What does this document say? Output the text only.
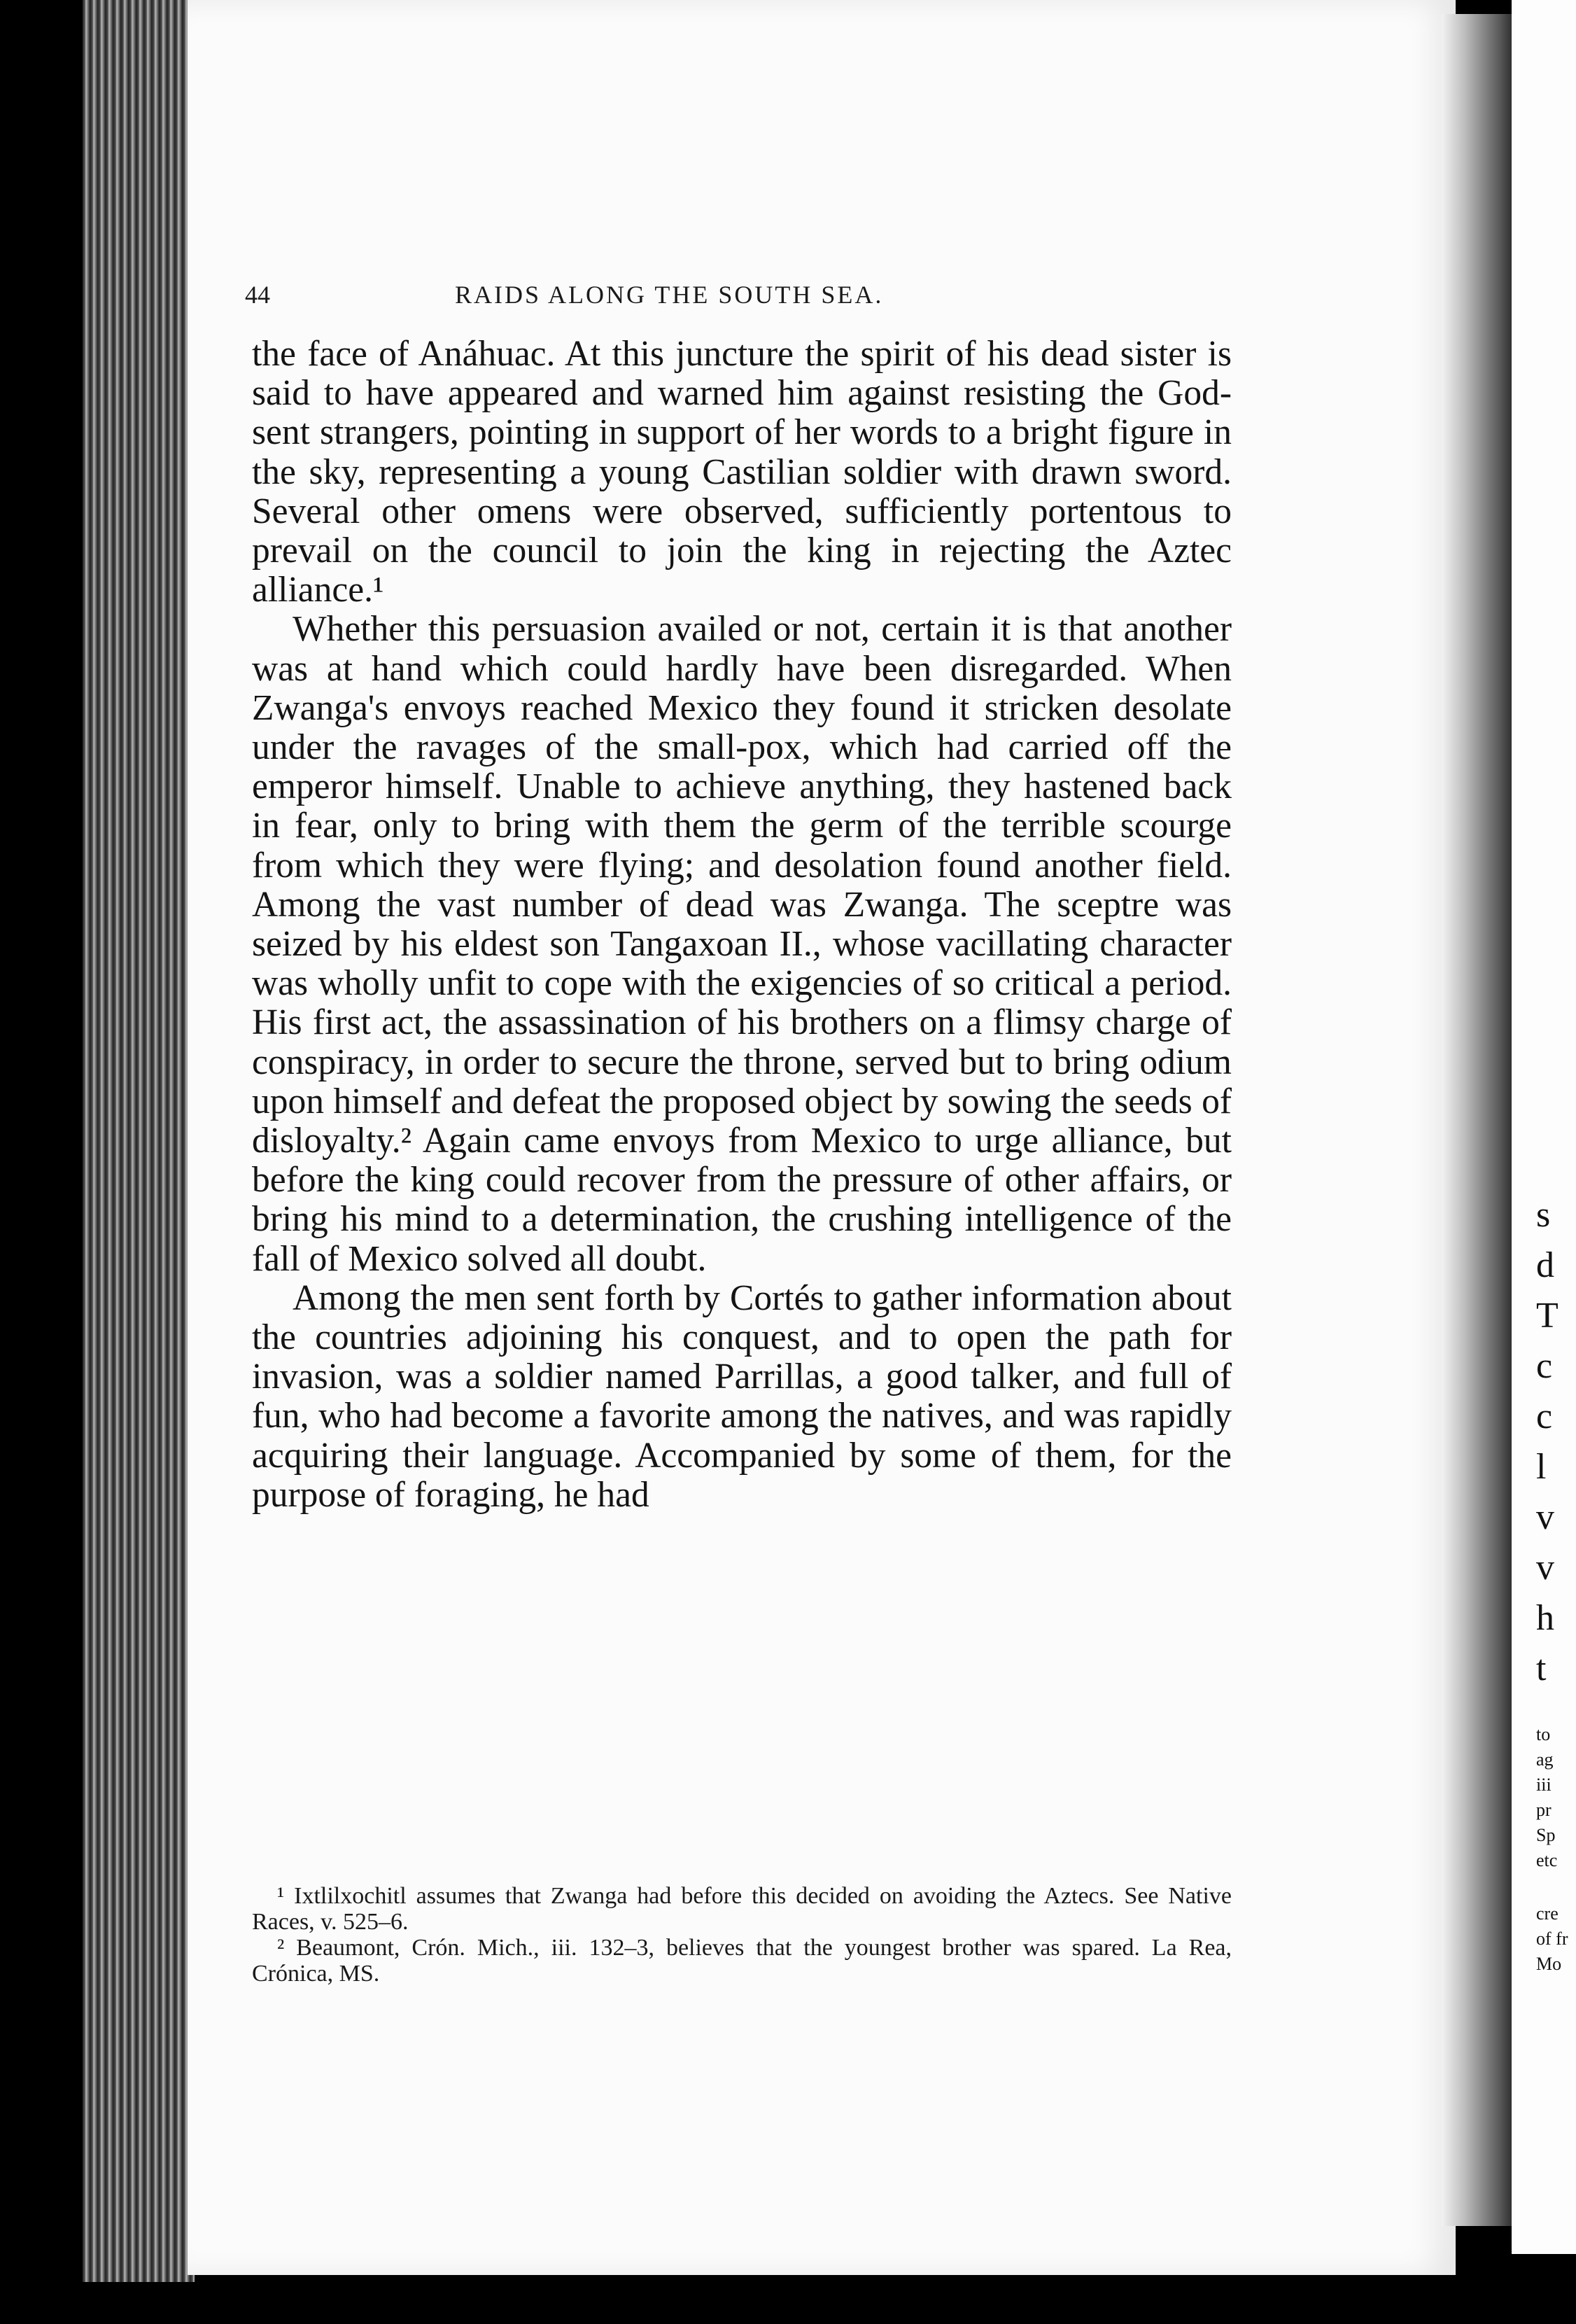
s

d

T

c

c

l

v

v

h

t

to

ag

iii

pr

Sp

etc

cre

of fr

Mo

44	RAIDS ALONG THE SOUTH SEA.

the face of Anáhuac. At this juncture the spirit of his dead sister is said to have appeared and warned him against resisting the God-sent strangers, pointing in support of her words to a bright figure in the sky, representing a young Castilian soldier with drawn sword. Several other omens were observed, sufficiently portentous to prevail on the council to join the king in rejecting the Aztec alliance.¹

Whether this persuasion availed or not, certain it is that another was at hand which could hardly have been disregarded. When Zwanga's envoys reached Mexico they found it stricken desolate under the ravages of the small-pox, which had carried off the emperor himself. Unable to achieve anything, they hastened back in fear, only to bring with them the germ of the terrible scourge from which they were flying; and desolation found another field. Among the vast number of dead was Zwanga. The sceptre was seized by his eldest son Tangaxoan II., whose vacillating character was wholly unfit to cope with the exigencies of so critical a period. His first act, the assassination of his brothers on a flimsy charge of conspiracy, in order to secure the throne, served but to bring odium upon himself and defeat the proposed object by sowing the seeds of disloyalty.² Again came envoys from Mexico to urge alliance, but before the king could recover from the pressure of other affairs, or bring his mind to a determination, the crushing intelligence of the fall of Mexico solved all doubt.

Among the men sent forth by Cortés to gather information about the countries adjoining his conquest, and to open the path for invasion, was a soldier named Parrillas, a good talker, and full of fun, who had become a favorite among the natives, and was rapidly acquiring their language. Accompanied by some of them, for the purpose of foraging, he had

¹ Ixtlilxochitl assumes that Zwanga had before this decided on avoiding the Aztecs. See Native Races, v. 525–6.

² Beaumont, Crón. Mich., iii. 132–3, believes that the youngest brother was spared. La Rea, Crónica, MS.
